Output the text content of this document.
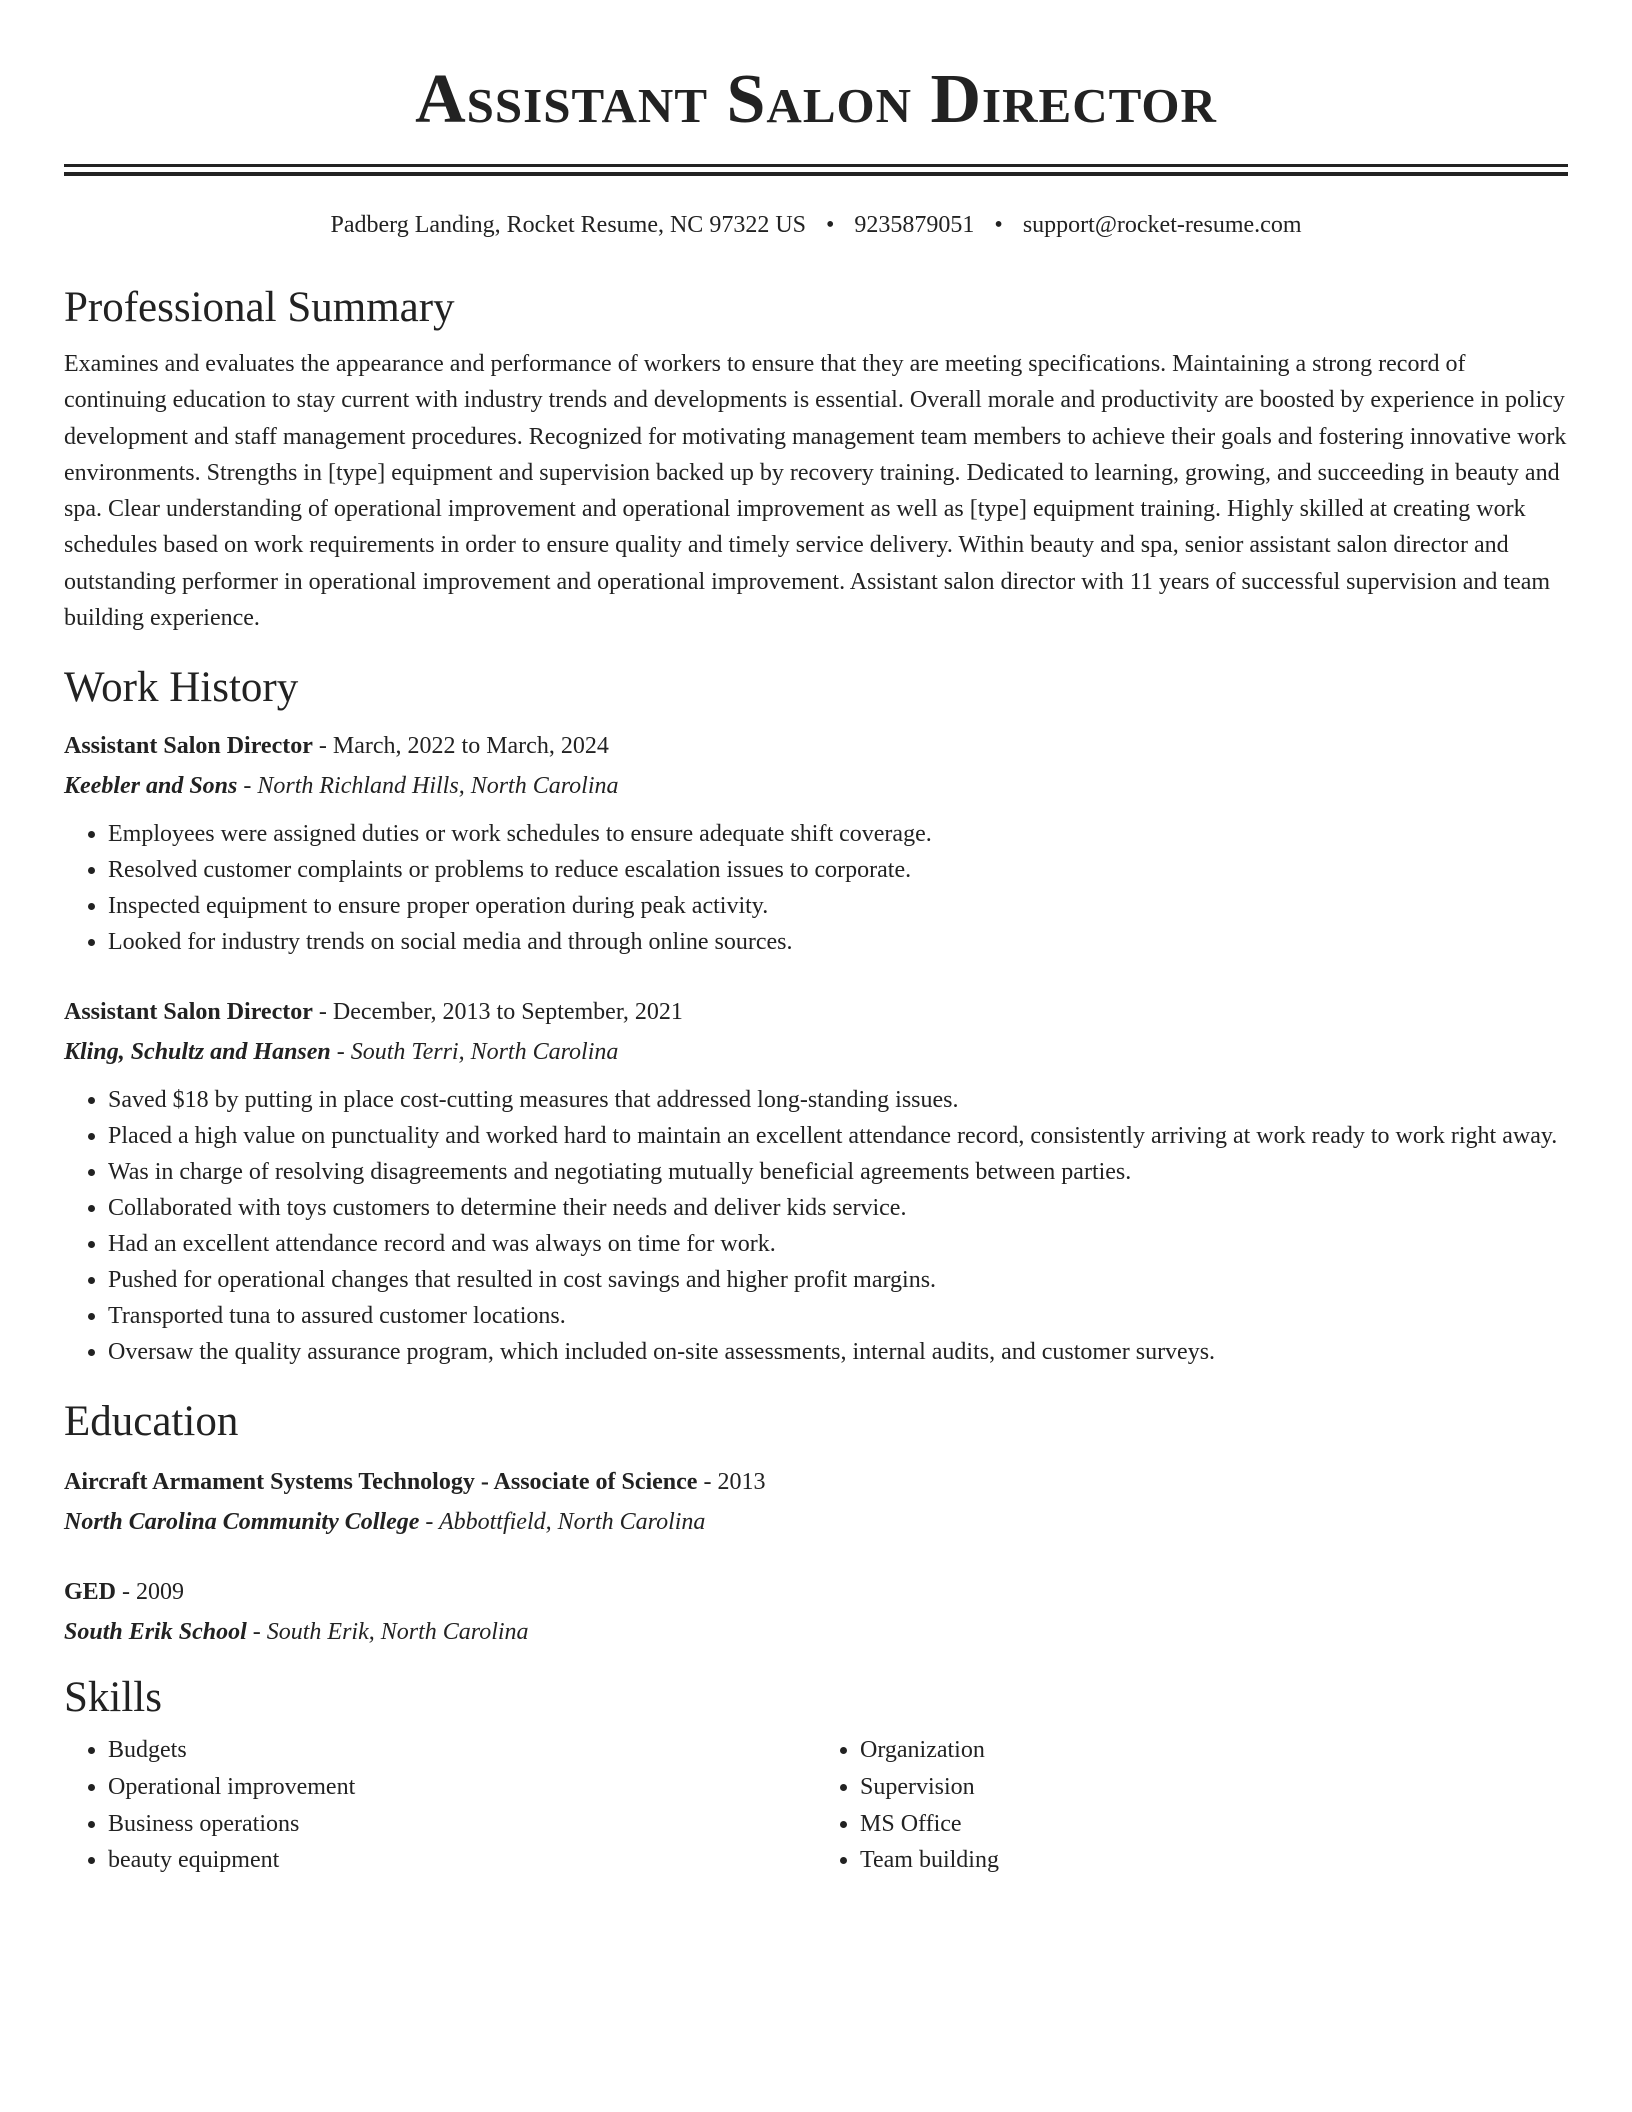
Assistant Salon Director
Padberg Landing, Rocket Resume, NC 97322 US • 9235879051 • support@rocket-resume.com
Professional Summary
Examines and evaluates the appearance and performance of workers to ensure that they are meeting specifications. Maintaining a strong record of continuing education to stay current with industry trends and developments is essential. Overall morale and productivity are boosted by experience in policy development and staff management procedures. Recognized for motivating management team members to achieve their goals and fostering innovative work environments. Strengths in [type] equipment and supervision backed up by recovery training. Dedicated to learning, growing, and succeeding in beauty and spa. Clear understanding of operational improvement and operational improvement as well as [type] equipment training. Highly skilled at creating work schedules based on work requirements in order to ensure quality and timely service delivery. Within beauty and spa, senior assistant salon director and outstanding performer in operational improvement and operational improvement. Assistant salon director with 11 years of successful supervision and team building experience.
Work History
Assistant Salon Director - March, 2022 to March, 2024
Keebler and Sons - North Richland Hills, North Carolina
• Employees were assigned duties or work schedules to ensure adequate shift coverage.
• Resolved customer complaints or problems to reduce escalation issues to corporate.
• Inspected equipment to ensure proper operation during peak activity.
• Looked for industry trends on social media and through online sources.
Assistant Salon Director - December, 2013 to September, 2021
Kling, Schultz and Hansen - South Terri, North Carolina
• Saved $18 by putting in place cost-cutting measures that addressed long-standing issues.
• Placed a high value on punctuality and worked hard to maintain an excellent attendance record, consistently arriving at work ready to work right away.
• Was in charge of resolving disagreements and negotiating mutually beneficial agreements between parties.
• Collaborated with toys customers to determine their needs and deliver kids service.
• Had an excellent attendance record and was always on time for work.
• Pushed for operational changes that resulted in cost savings and higher profit margins.
• Transported tuna to assured customer locations.
• Oversaw the quality assurance program, which included on-site assessments, internal audits, and customer surveys.
Education
Aircraft Armament Systems Technology - Associate of Science - 2013
North Carolina Community College - Abbottfield, North Carolina
GED - 2009
South Erik School - South Erik, North Carolina
Skills
• Budgets
• Operational improvement
• Business operations
• beauty equipment
• Organization
• Supervision
• MS Office
• Team building
